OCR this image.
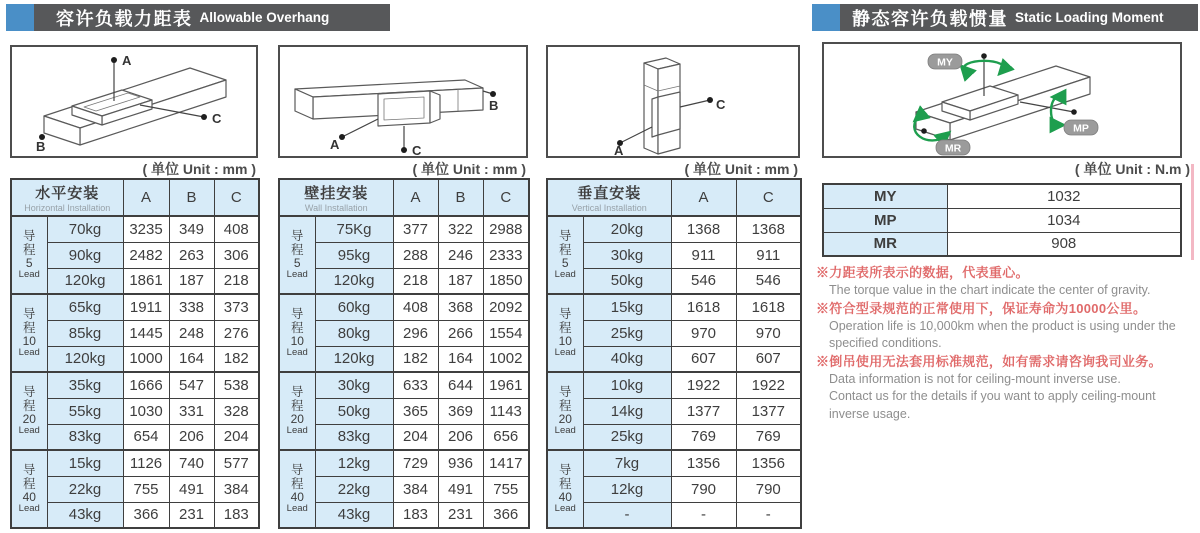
容许负载力距表 Allowable Overhang	静态容许负载惯量 Static Loading Moment
A
B
C
( 单位 Unit : mm )
A
B
C
( 单位 Unit : mm )
A
C
( 单位 Unit : mm )
MY
MP
MR
( 单位 Unit : N.m )
水平安装
Horizontal Installation		A	B	C

导程
5
Lead	70kg	3235	349	408
	90kg	2482	263	306
	120kg	1861	187	218

导程
10
Lead	65kg	1911	338	373
	85kg	1445	248	276
	120kg	1000	164	182

导程
20
Lead	35kg	1666	547	538
	55kg	1030	331	328
	83kg	654	206	204

导程
40
Lead	15kg	1126	740	577
	22kg	755	491	384
	43kg	366	231	183
壁挂安装
Wall Installation		A	B	C

导程
5
Lead	75Kg	377	322	2988
	95kg	288	246	2333
	120kg	218	187	1850

导程
10
Lead	60kg	408	368	2092
	80kg	296	266	1554
	120kg	182	164	1002

导程
20
Lead	30kg	633	644	1961
	50kg	365	369	1143
	83kg	204	206	656

导程
40
Lead	12kg	729	936	1417
	22kg	384	491	755
	43kg	183	231	366
垂直安装
Vertical Installation		A	C

导程
5
Lead	20kg	1368	1368
	30kg	911	911
	50kg	546	546

导程
10
Lead	15kg	1618	1618
	25kg	970	970
	40kg	607	607

导程
20
Lead	10kg	1922	1922
	14kg	1377	1377
	25kg	769	769

导程
40
Lead	7kg	1356	1356
	12kg	790	790
	-	-	-
MY	1032
MP	1034
MR	908
※力距表所表示的数据，代表重心。
The torque value in the chart indicate the center of gravity.
※符合型录规范的正常使用下，保证寿命为10000公里。
Operation life is 10,000km when the product is using under the
specified conditions.
※倒吊使用无法套用标准规范，如有需求请咨询我司业务。
Data information is not for ceiling-mount inverse use.
Contact us for the details if you want to apply ceiling-mount
inverse usage.
